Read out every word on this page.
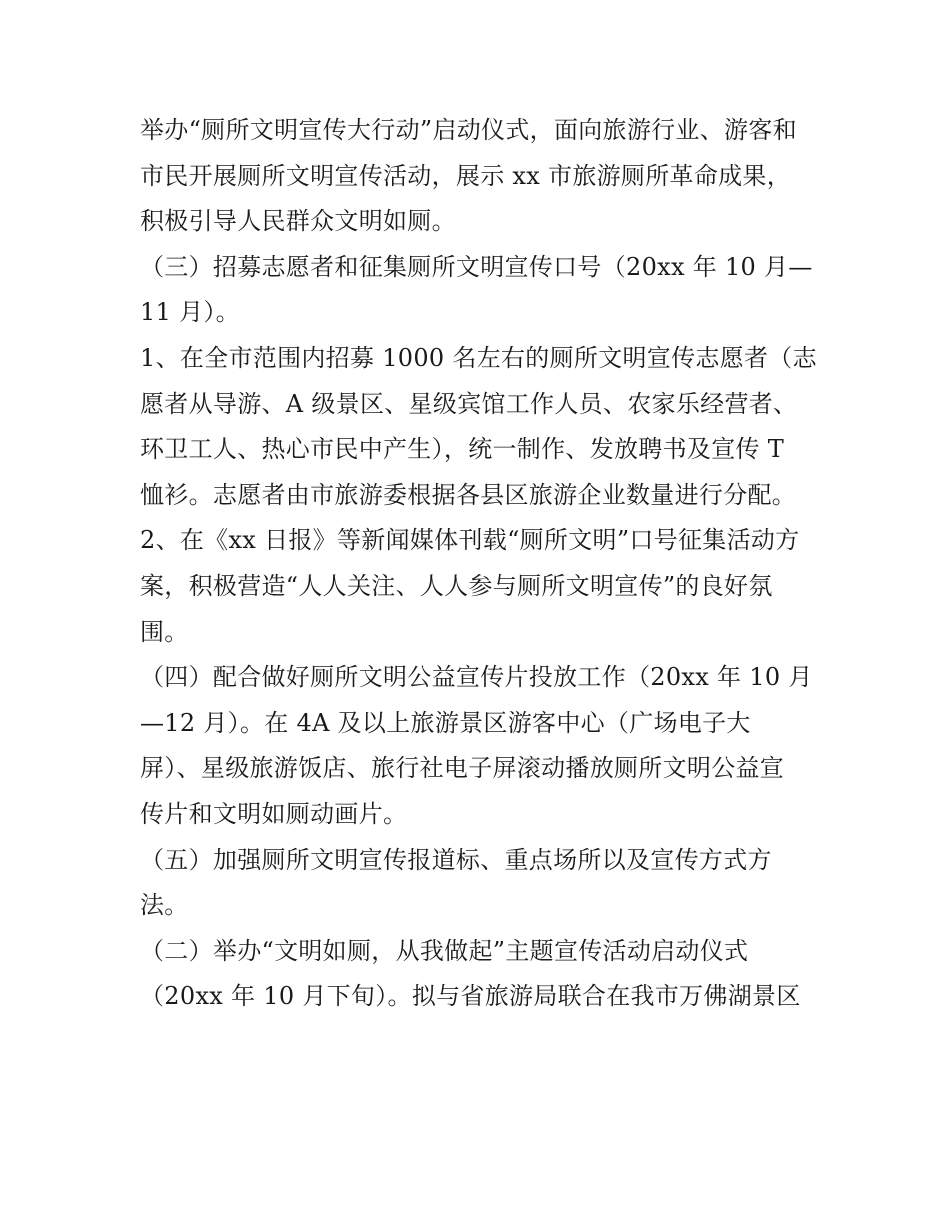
举办“厕所文明宣传大行动”启动仪式，面向旅游行业、游客和
市民开展厕所文明宣传活动，展示 xx 市旅游厕所革命成果，
积极引导人民群众文明如厕。
（三）招募志愿者和征集厕所文明宣传口号（20xx 年 10 月—
11 月）。
1、在全市范围内招募 1000 名左右的厕所文明宣传志愿者（志
愿者从导游、A 级景区、星级宾馆工作人员、农家乐经营者、
环卫工人、热心市民中产生），统一制作、发放聘书及宣传 T
恤衫。志愿者由市旅游委根据各县区旅游企业数量进行分配。
2、在《xx 日报》等新闻媒体刊载“厕所文明”口号征集活动方
案，积极营造“人人关注、人人参与厕所文明宣传”的良好氛
围。
（四）配合做好厕所文明公益宣传片投放工作（20xx 年 10 月
—12 月）。在 4A 及以上旅游景区游客中心（广场电子大
屏）、星级旅游饭店、旅行社电子屏滚动播放厕所文明公益宣
传片和文明如厕动画片。
（五）加强厕所文明宣传报道标、重点场所以及宣传方式方
法。
（二）举办“文明如厕，从我做起”主题宣传活动启动仪式
（20xx 年 10 月下旬）。拟与省旅游局联合在我市万佛湖景区
